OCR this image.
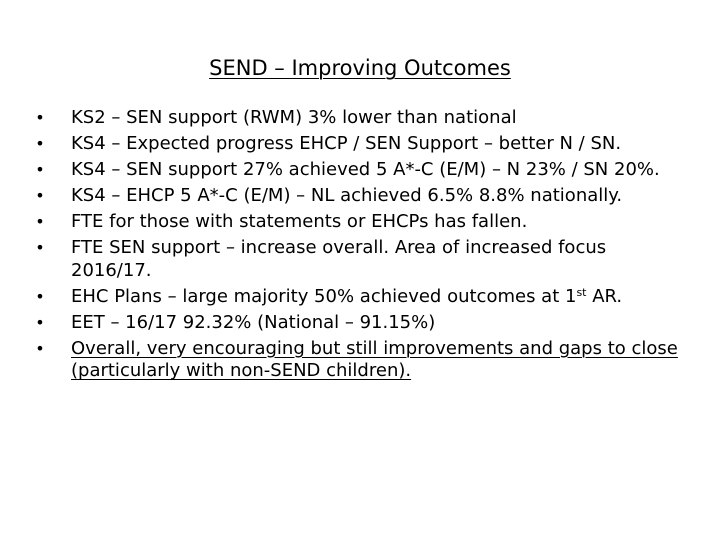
SEND – Improving Outcomes
• KS2 – SEN support (RWM) 3% lower than national
• KS4 – Expected progress EHCP / SEN Support – better N / SN.
• KS4 – SEN support 27% achieved 5 A*-C (E/M) – N 23% / SN 20%.
• KS4 – EHCP 5 A*-C (E/M) – NL achieved 6.5% 8.8% nationally.
• FTE for those with statements or EHCPs has fallen.
• FTE SEN support – increase overall. Area of increased focus 2016/17.
• EHC Plans – large majority 50% achieved outcomes at 1st AR.
• EET – 16/17 92.32% (National – 91.15%)
• Overall, very encouraging but still improvements and gaps to close (particularly with non-SEND children).
